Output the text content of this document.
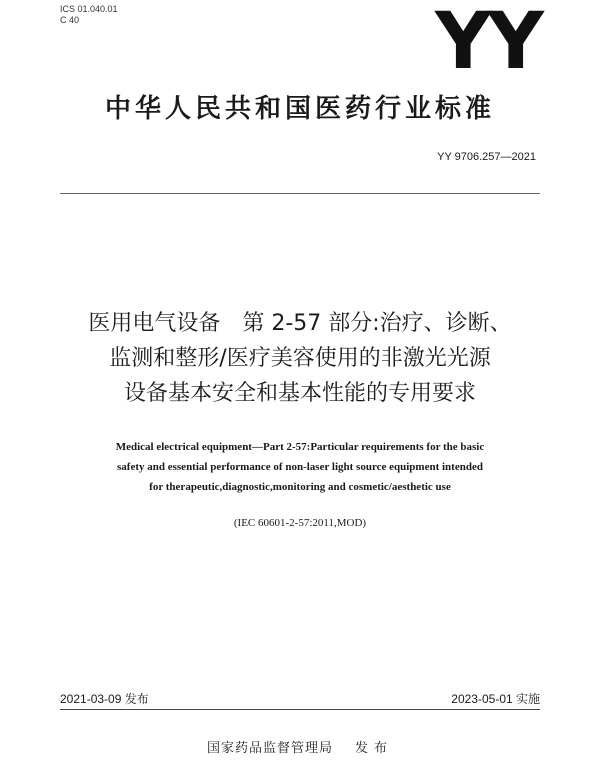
ICS 01.040.01
C 40	YY
中华人民共和国医药行业标准
YY 9706.257—2021
医用电气设备　第 2-57 部分:治疗、诊断、
监测和整形/医疗美容使用的非激光光源
设备基本安全和基本性能的专用要求
Medical electrical equipment—Part 2-57:Particular requirements for the basic
safety and essential performance of non-laser light source equipment intended
for therapeutic,diagnostic,monitoring and cosmetic/aesthetic use
(IEC 60601-2-57:2011,MOD)
2021-03-09 发布	2023-05-01 实施
国家药品监督管理局 发布
